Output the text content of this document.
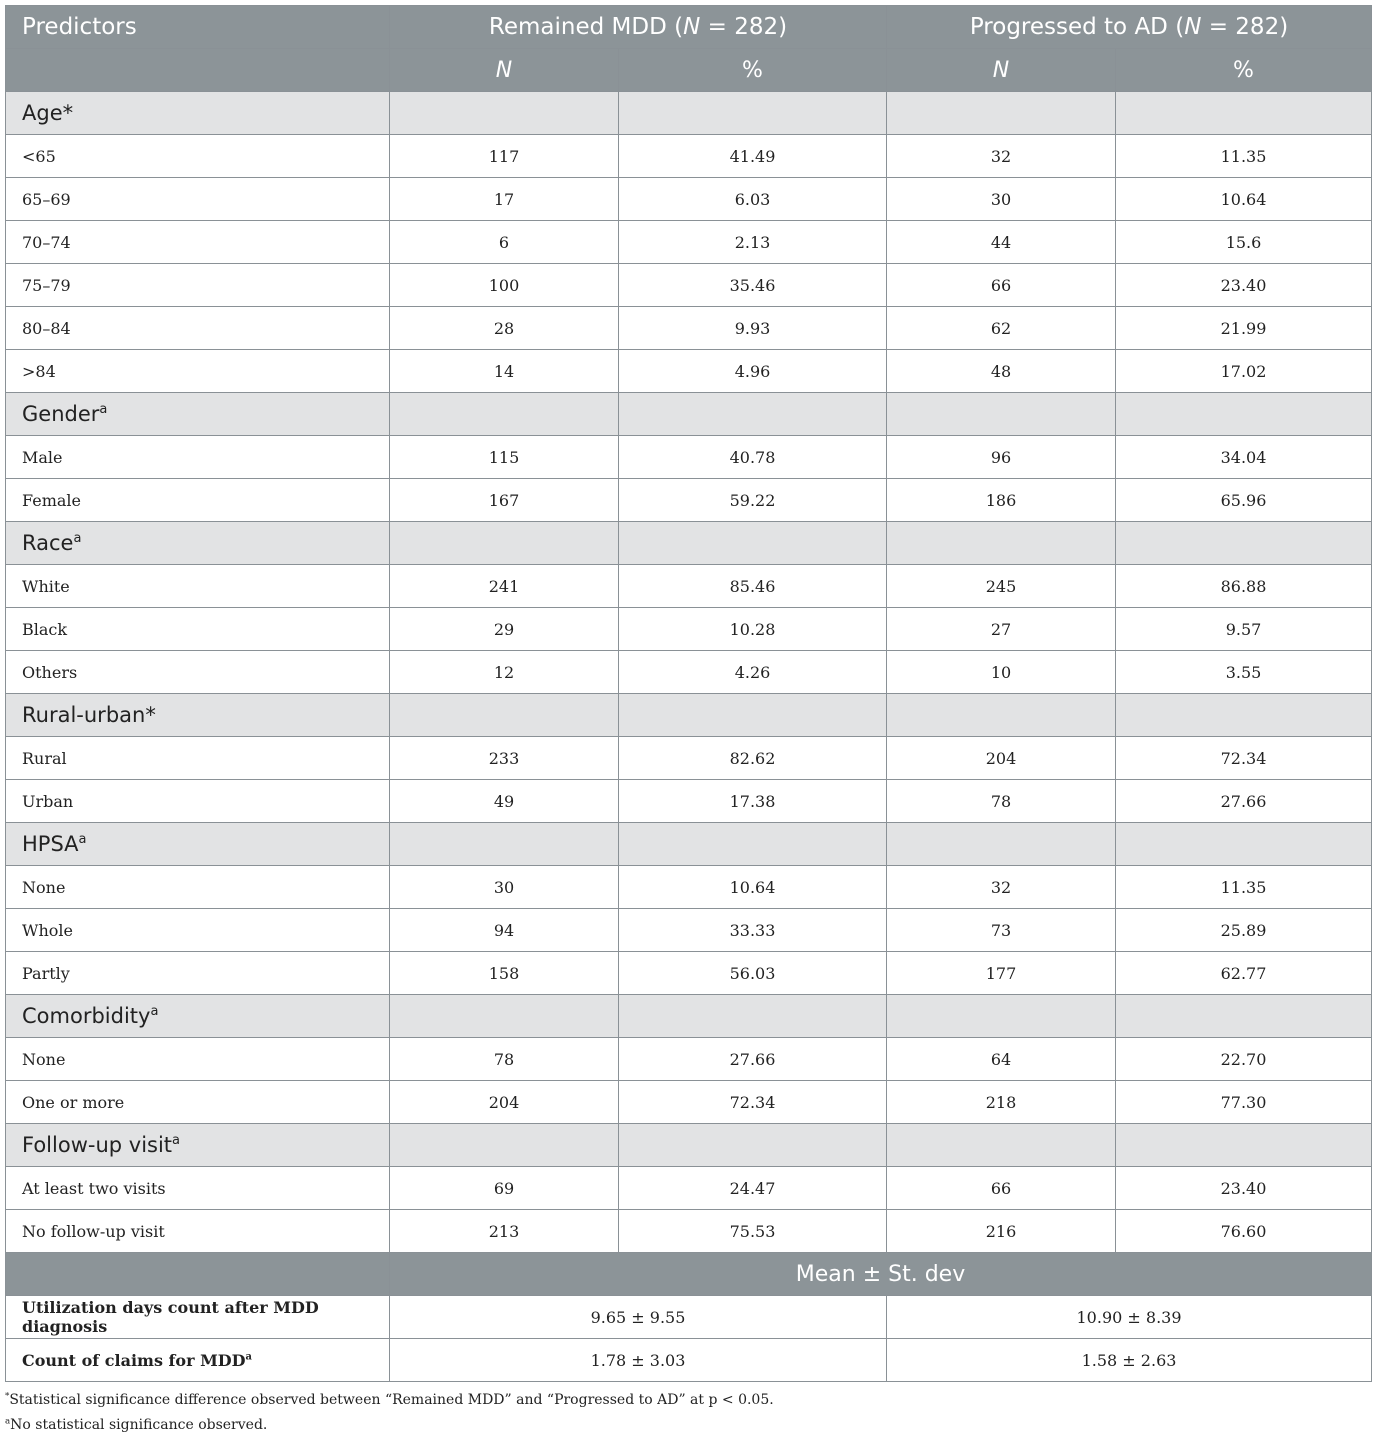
Predictors	Remained MDD (N = 282)		Progressed to AD (N = 282)	
	N	%	N	%
Age*				
<65	117	41.49	32	11.35
65–69	17	6.03	30	10.64
70–74	6	2.13	44	15.6
75–79	100	35.46	66	23.40
80–84	28	9.93	62	21.99
>84	14	4.96	48	17.02
Gender$^a$				
Male	115	40.78	96	34.04
Female	167	59.22	186	65.96
Race$^a$				
White	241	85.46	245	86.88
Black	29	10.28	27	9.57
Others	12	4.26	10	3.55
Rural-urban*				
Rural	233	82.62	204	72.34
Urban	49	17.38	78	27.66
HPSA$^a$				
None	30	10.64	32	11.35
Whole	94	33.33	73	25.89
Partly	158	56.03	177	62.77
Comorbidity$^a$				
None	78	27.66	64	22.70
One or more	204	72.34	218	77.30
Follow-up visit$^a$				
At least two visits	69	24.47	66	23.40
No follow-up visit	213	75.53	216	76.60
	Mean ± St. dev			
Utilization days count after MDD diagnosis	9.65 ± 9.55		10.90 ± 8.39	
Count of claims for MDD$^a$	1.78 ± 3.03		1.58 ± 2.63	
*Statistical significance difference observed between “Remained MDD” and “Progressed to AD” at p < 0.05.
$^a$No statistical significance observed.
